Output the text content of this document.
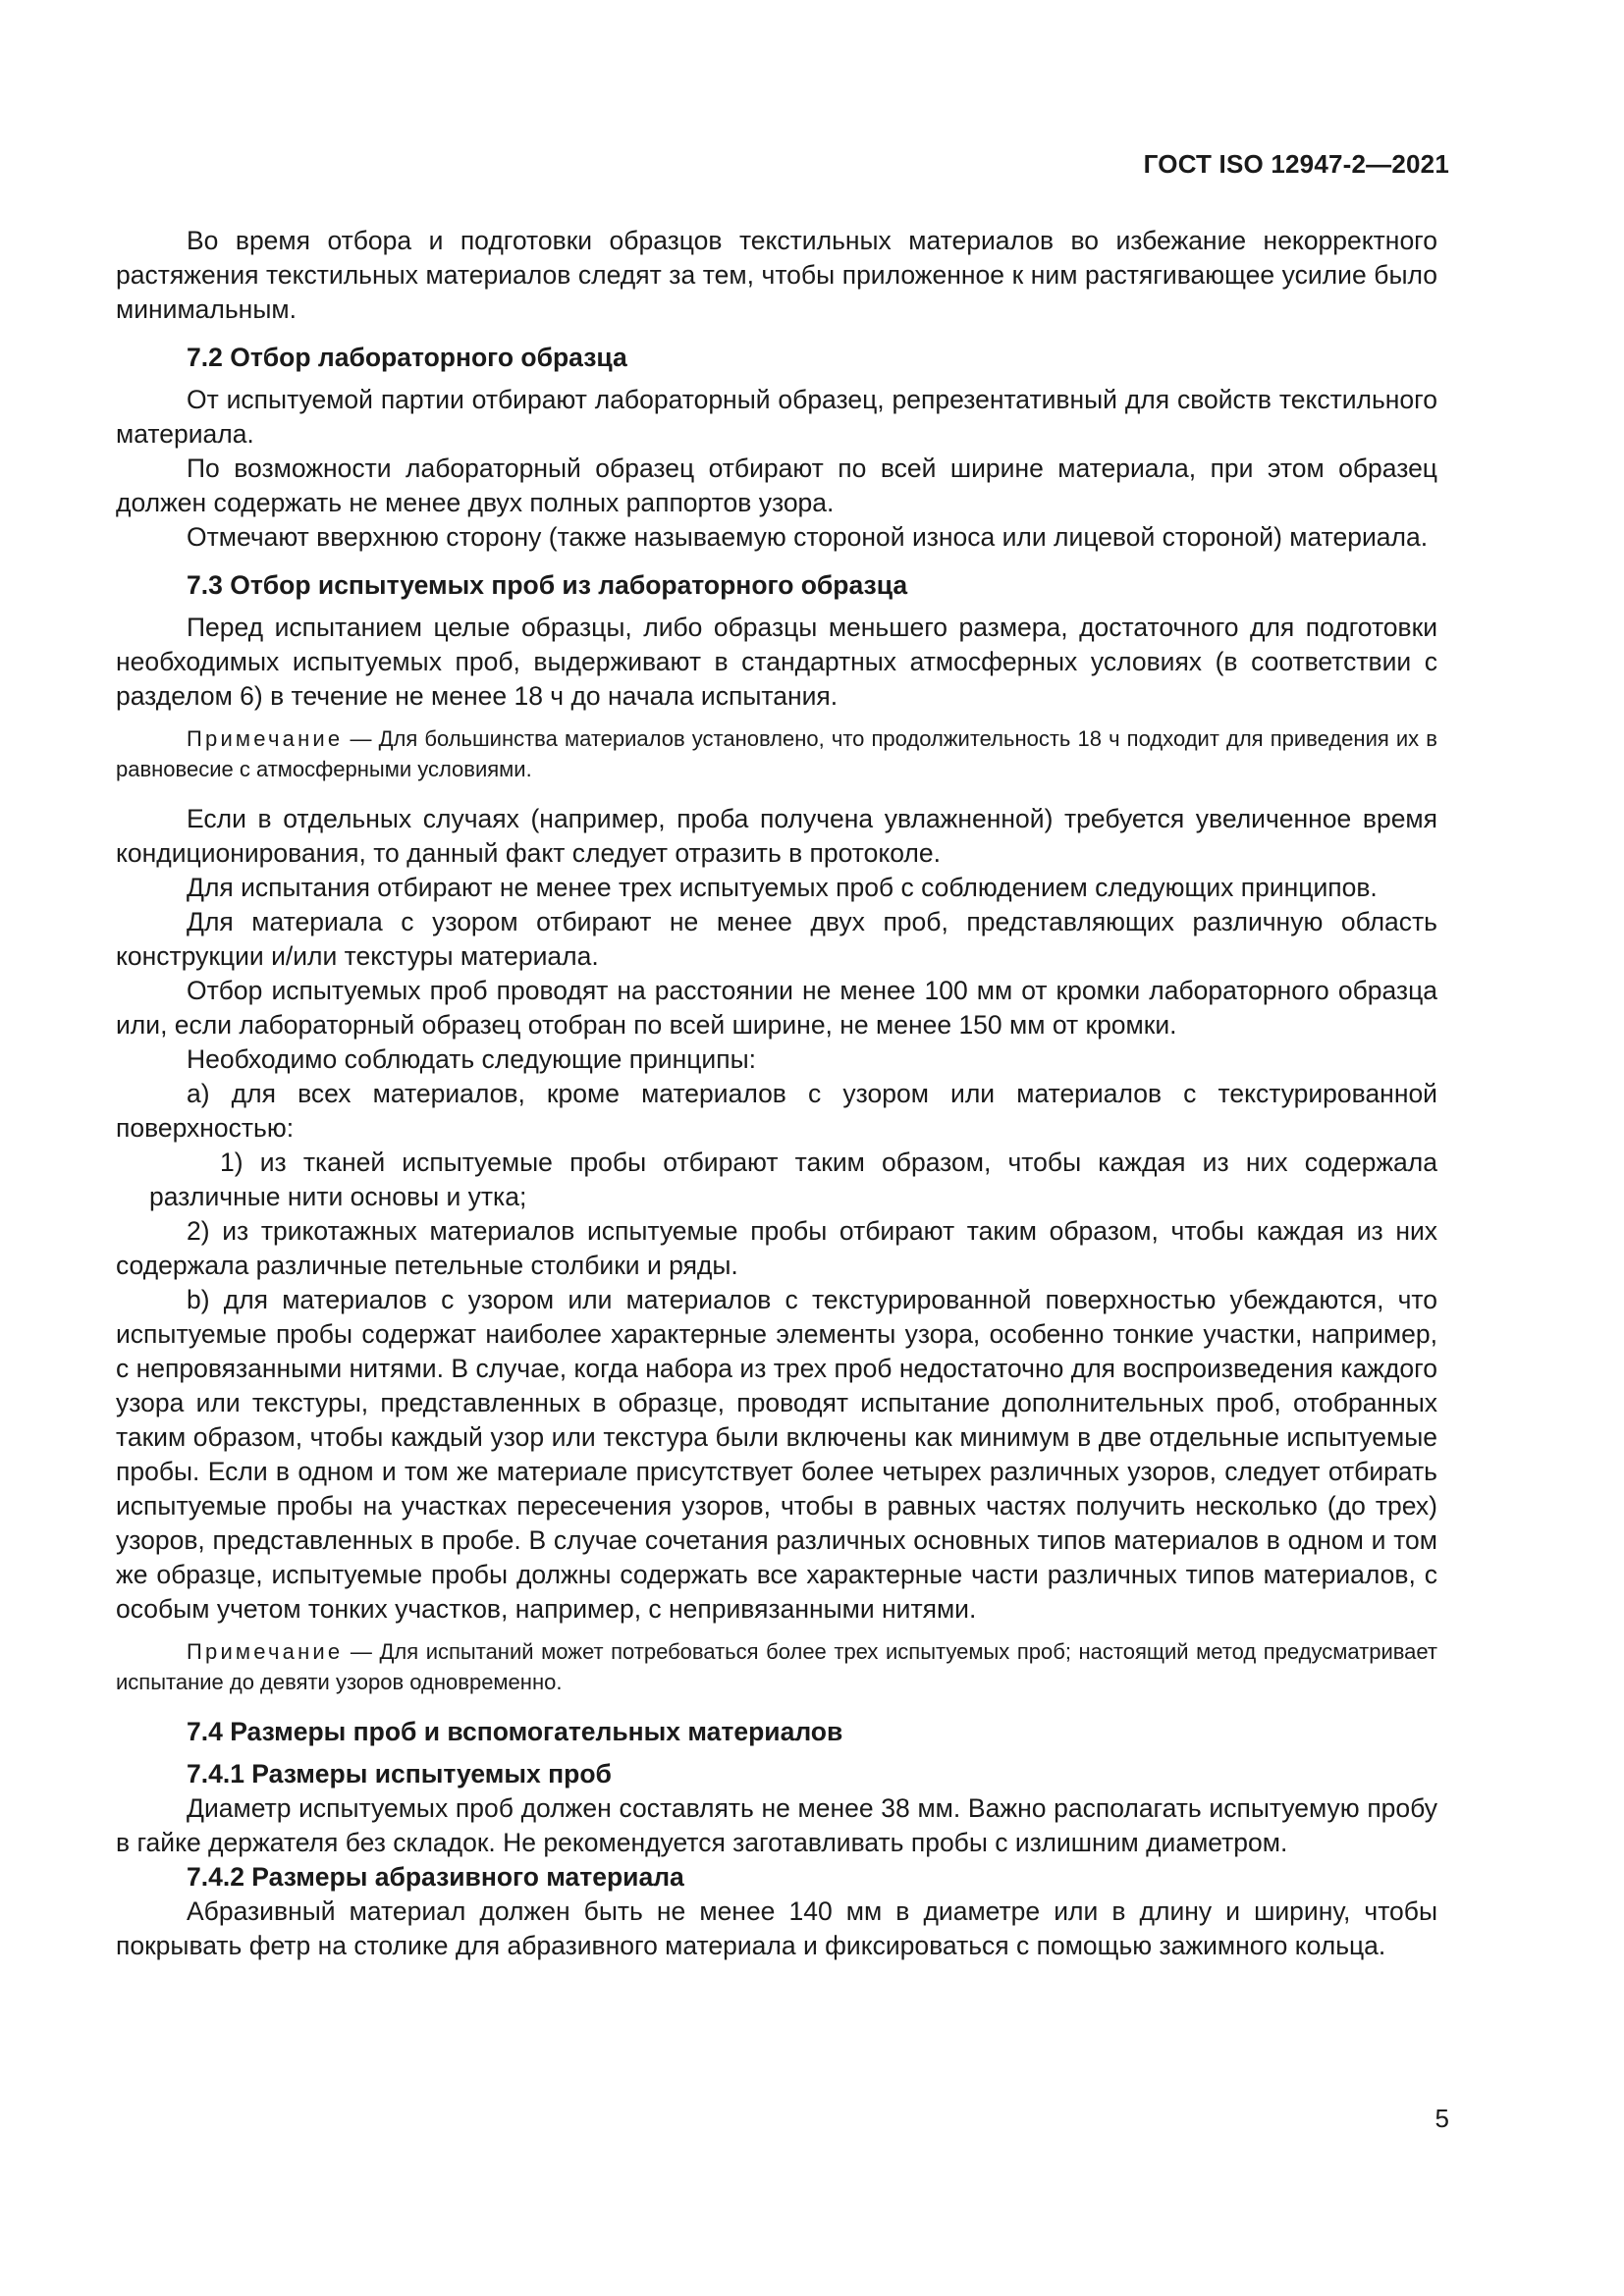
ГОСТ ISO 12947-2—2021

Во время отбора и подготовки образцов текстильных материалов во избежание некорректного растяжения текстильных материалов следят за тем, чтобы приложенное к ним растягивающее усилие было минимальным.

7.2 Отбор лабораторного образца

От испытуемой партии отбирают лабораторный образец, репрезентативный для свойств текстильного материала.

По возможности лабораторный образец отбирают по всей ширине материала, при этом образец должен содержать не менее двух полных раппортов узора.

Отмечают вверхнюю сторону (также называемую стороной износа или лицевой стороной) материала.

7.3 Отбор испытуемых проб из лабораторного образца

Перед испытанием целые образцы, либо образцы меньшего размера, достаточного для подготовки необходимых испытуемых проб, выдерживают в стандартных атмосферных условиях (в соответствии с разделом 6) в течение не менее 18 ч до начала испытания.

Примечание — Для большинства материалов установлено, что продолжительность 18 ч подходит для приведения их в равновесие с атмосферными условиями.

Если в отдельных случаях (например, проба получена увлажненной) требуется увеличенное время кондиционирования, то данный факт следует отразить в протоколе.

Для испытания отбирают не менее трех испытуемых проб с соблюдением следующих принципов.

Для материала с узором отбирают не менее двух проб, представляющих различную область конструкции и/или текстуры материала.

Отбор испытуемых проб проводят на расстоянии не менее 100 мм от кромки лабораторного образца или, если лабораторный образец отобран по всей ширине, не менее 150 мм от кромки.

Необходимо соблюдать следующие принципы:

а) для всех материалов, кроме материалов с узором или материалов с текстурированной поверхностью:

1) из тканей испытуемые пробы отбирают таким образом, чтобы каждая из них содержала различные нити основы и утка;

2) из трикотажных материалов испытуемые пробы отбирают таким образом, чтобы каждая из них содержала различные петельные столбики и ряды.

b) для материалов с узором или материалов с текстурированной поверхностью убеждаются, что испытуемые пробы содержат наиболее характерные элементы узора, особенно тонкие участки, например, с непровязанными нитями. В случае, когда набора из трех проб недостаточно для воспроизведения каждого узора или текстуры, представленных в образце, проводят испытание дополнительных проб, отобранных таким образом, чтобы каждый узор или текстура были включены как минимум в две отдельные испытуемые пробы. Если в одном и том же материале присутствует более четырех различных узоров, следует отбирать испытуемые пробы на участках пересечения узоров, чтобы в равных частях получить несколько (до трех) узоров, представленных в пробе. В случае сочетания различных основных типов материалов в одном и том же образце, испытуемые пробы должны содержать все характерные части различных типов материалов, с особым учетом тонких участков, например, с непривязанными нитями.

Примечание — Для испытаний может потребоваться более трех испытуемых проб; настоящий метод предусматривает испытание до девяти узоров одновременно.

7.4 Размеры проб и вспомогательных материалов

7.4.1 Размеры испытуемых проб

Диаметр испытуемых проб должен составлять не менее 38 мм. Важно располагать испытуемую пробу в гайке держателя без складок. Не рекомендуется заготавливать пробы с излишним диаметром.

7.4.2 Размеры абразивного материала

Абразивный материал должен быть не менее 140 мм в диаметре или в длину и ширину, чтобы покрывать фетр на столике для абразивного материала и фиксироваться с помощью зажимного кольца.

5
